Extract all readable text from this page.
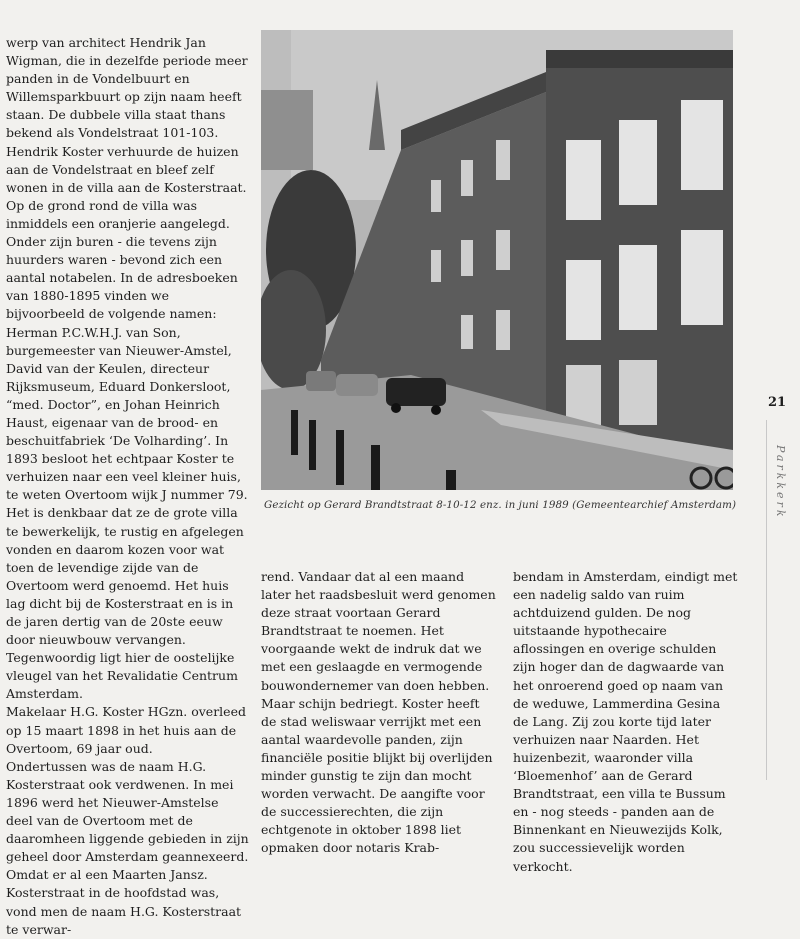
werp van architect Hendrik Jan Wigman, die in dezelfde periode meer panden in de Vondelbuurt en Willemsparkbuurt op zijn naam heeft staan. De dubbele villa staat thans bekend als Vondelstraat 101-103. Hendrik Koster verhuurde de huizen aan de Vondelstraat en bleef zelf wonen in de villa aan de Kosterstraat.

Op de grond rond de villa was inmiddels een oranjerie aangelegd. Onder zijn buren - die tevens zijn huurders waren - bevond zich een aantal notabelen. In de adresboeken van 1880-1895 vinden we bijvoorbeeld de volgende namen: Herman P.C.W.H.J. van Son, burgemeester van Nieuwer-Amstel, David van der Keulen, directeur Rijksmuseum, Eduard Donkersloot, “med. Doctor”, en Johan Heinrich Haust, eigenaar van de brood- en beschuitfabriek ‘De Volharding’. In 1893 besloot het echtpaar Koster te verhuizen naar een veel kleiner huis, te weten Overtoom wijk J nummer 79. Het is denkbaar dat ze de grote villa te bewerkelijk, te rustig en afgelegen vonden en daarom kozen voor wat toen de levendige zijde van de Overtoom werd genoemd. Het huis lag dicht bij de Kosterstraat en is in de jaren dertig van de 20ste eeuw door nieuwbouw vervangen. Tegenwoordig ligt hier de oostelijke vleugel van het Revalidatie Centrum Amsterdam.

Makelaar H.G. Koster HGzn. overleed op 15 maart 1898 in het huis aan de Overtoom, 69 jaar oud.

Ondertussen was de naam H.G. Kosterstraat ook verdwenen. In mei 1896 werd het Nieuwer-Amstelse deel van de Overtoom met de daaromheen liggende gebieden in zijn geheel door Amsterdam geannexeerd. Omdat er al een Maarten Jansz. Kosterstraat in de hoofdstad was, vond men de naam H.G. Kosterstraat te verwar-

Gezicht op Gerard Brandtstraat 8-10-12 enz. in juni 1989 (Gemeentearchief Amsterdam)
rend. Vandaar dat al een maand later het raadsbesluit werd genomen deze straat voortaan Gerard Brandtstraat te noemen. Het voorgaande wekt de indruk dat we met een geslaagde en vermogende bouwondernemer van doen hebben. Maar schijn bedriegt. Koster heeft de stad weliswaar verrijkt met een aantal waardevolle panden, zijn financiële positie blijkt bij overlijden minder gunstig te zijn dan mocht worden verwacht. De aangifte voor de successierechten, die zijn echtgenote in oktober 1898 liet opmaken door notaris Krab-
bendam in Amsterdam, eindigt met een nadelig saldo van ruim achtduizend gulden. De nog uitstaande hypothecaire aflossingen en overige schulden zijn hoger dan de dagwaarde van het onroerend goed op naam van de weduwe, Lammerdina Gesina de Lang. Zij zou korte tijd later verhuizen naar Naarden. Het huizenbezit, waaronder villa ‘Bloemenhof’ aan de Gerard Brandtstraat, een villa te Bussum en - nog steeds - panden aan de Binnenkant en Nieuwezijds Kolk, zou successievelijk worden verkocht.
21
Parkkerk
